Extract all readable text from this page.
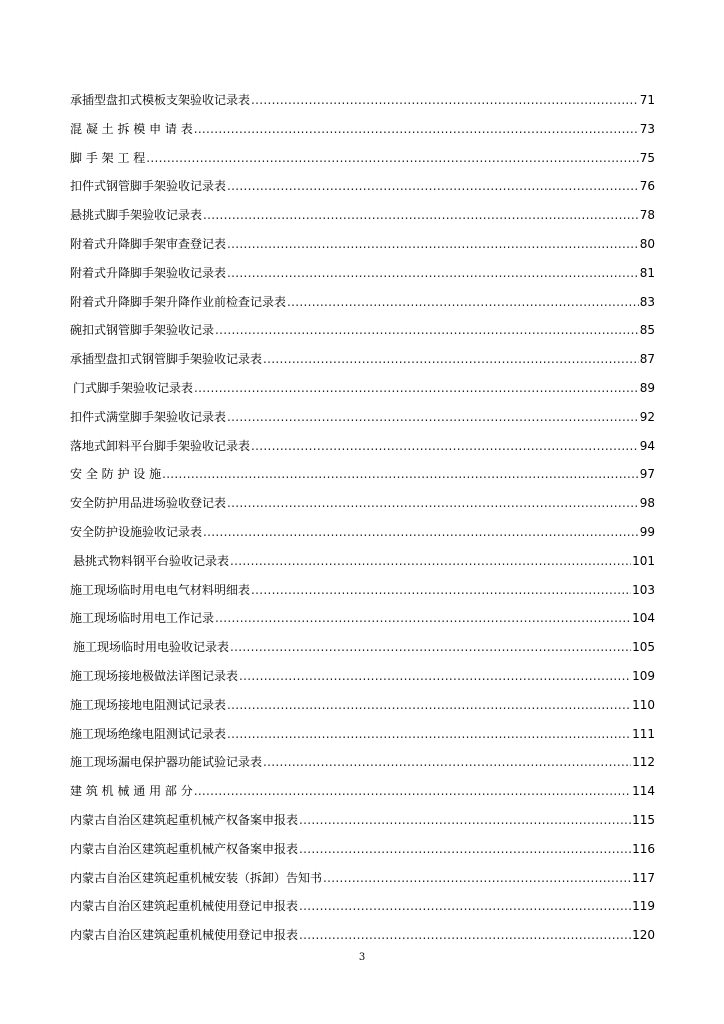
承插型盘扣式模板支架验收记录表 .....	71
混 凝 土 拆 模 申 请 表 .....	73
脚 手 架 工 程 .....	75
扣件式钢管脚手架验收记录表 .....	76
悬挑式脚手架验收记录表 .....	78
附着式升降脚手架审查登记表 .....	80
附着式升降脚手架验收记录表 .....	81
附着式升降脚手架升降作业前检查记录表 .....	83
碗扣式钢管脚手架验收记录 .....	85
承插型盘扣式钢管脚手架验收记录表 .....	87
门式脚手架验收记录表 .....	89
扣件式满堂脚手架验收记录表 .....	92
落地式卸料平台脚手架验收记录表 .....	94
安 全 防 护 设 施 .....	97
安全防护用品进场验收登记表 .....	98
安全防护设施验收记录表 .....	99
悬挑式物料钢平台验收记录表 .....	101
施工现场临时用电电气材料明细表 .....	103
施工现场临时用电工作记录 .....	104
施工现场临时用电验收记录表 .....	105
施工现场接地极做法详图记录表 .....	109
施工现场接地电阻测试记录表 .....	110
施工现场绝缘电阻测试记录表 .....	111
施工现场漏电保护器功能试验记录表 .....	112
建 筑 机 械 通 用 部 分 .....	114
内蒙古自治区建筑起重机械产权备案申报表 .....	115
内蒙古自治区建筑起重机械产权备案申报表 .....	116
内蒙古自治区建筑起重机械安装（拆卸）告知书 .....	117
内蒙古自治区建筑起重机械使用登记申报表 .....	119
内蒙古自治区建筑起重机械使用登记申报表 .....	120
3
